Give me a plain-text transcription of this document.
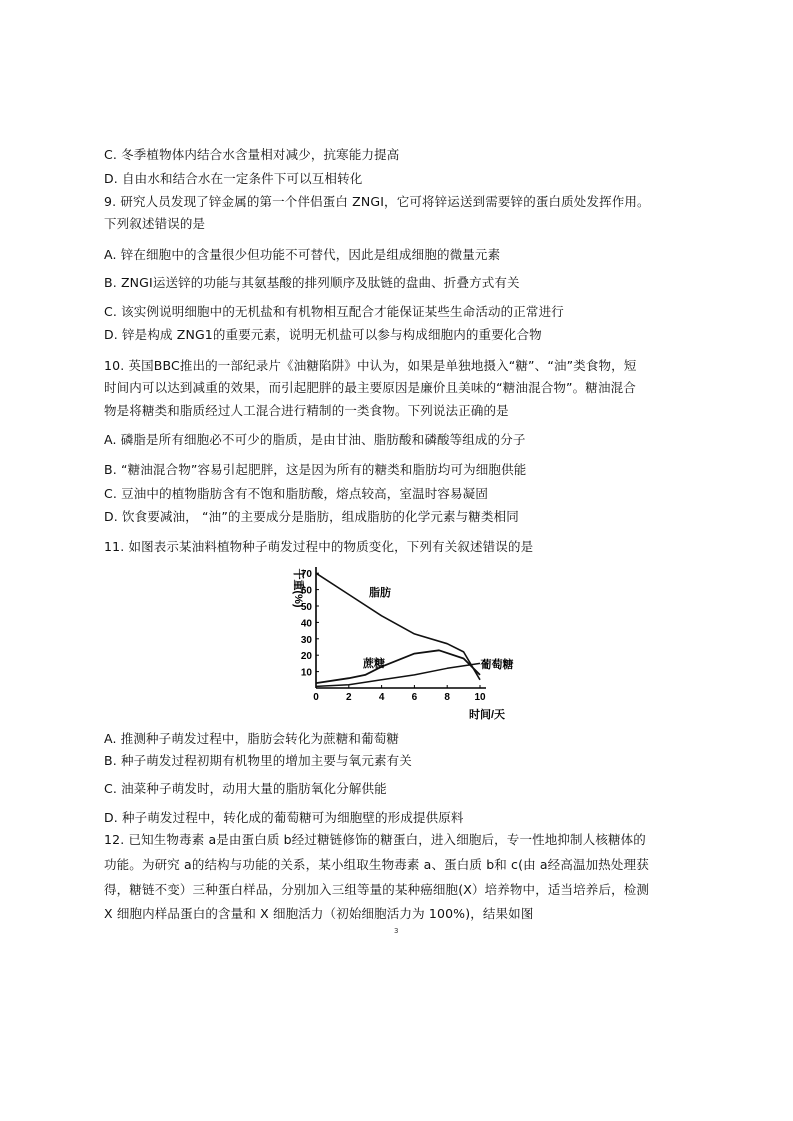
C. 冬季植物体内结合水含量相对减少，抗寒能力提高
D. 自由水和结合水在一定条件下可以互相转化
9. 研究人员发现了锌金属的第一个伴侣蛋白 ZNGI，它可将锌运送到需要锌的蛋白质处发挥作用。
下列叙述错误的是
A. 锌在细胞中的含量很少但功能不可替代，因此是组成细胞的微量元素
B. ZNGI运送锌的功能与其氨基酸的排列顺序及肽链的盘曲、折叠方式有关
C. 该实例说明细胞中的无机盐和有机物相互配合才能保证某些生命活动的正常进行
D. 锌是构成 ZNG1的重要元素，说明无机盐可以参与构成细胞内的重要化合物
10. 英国BBC推出的一部纪录片《油糖陷阱》中认为，如果是单独地摄入“糖”、“油”类食物，短
时间内可以达到减重的效果，而引起肥胖的最主要原因是廉价且美味的“糖油混合物”。糖油混合
物是将糖类和脂质经过人工混合进行精制的一类食物。下列说法正确的是
A. 磷脂是所有细胞必不可少的脂质，是由甘油、脂肪酸和磷酸等组成的分子
B. “糖油混合物”容易引起肥胖，这是因为所有的糖类和脂肪均可为细胞供能
C. 豆油中的植物脂肪含有不饱和脂肪酸，熔点较高，室温时容易凝固
D. 饮食要减油， “油”的主要成分是脂肪，组成脂肪的化学元素与糖类相同
11. 如图表示某油料植物种子萌发过程中的物质变化，下列有关叙述错误的是
0	2	4	6	8 10
10
20
30
40
50
60
70
脂肪
蔗糖	葡萄糖
干重(%)
时间/天
A. 推测种子萌发过程中，脂肪会转化为蔗糖和葡萄糖
B. 种子萌发过程初期有机物里的增加主要与氧元素有关
C. 油菜种子萌发时，动用大量的脂肪氧化分解供能
D. 种子萌发过程中，转化成的葡萄糖可为细胞壁的形成提供原料
12. 已知生物毒素 a是由蛋白质 b经过糖链修饰的糖蛋白，进入细胞后，专一性地抑制人核糖体的
功能。为研究 a的结构与功能的关系，某小组取生物毒素 a、蛋白质 b和 c(由 a经高温加热处理获
得，糖链不变）三种蛋白样品，分别加入三组等量的某种癌细胞(X）培养物中，适当培养后，检测
X 细胞内样品蛋白的含量和 X 细胞活力（初始细胞活力为 100%)，结果如图
3
